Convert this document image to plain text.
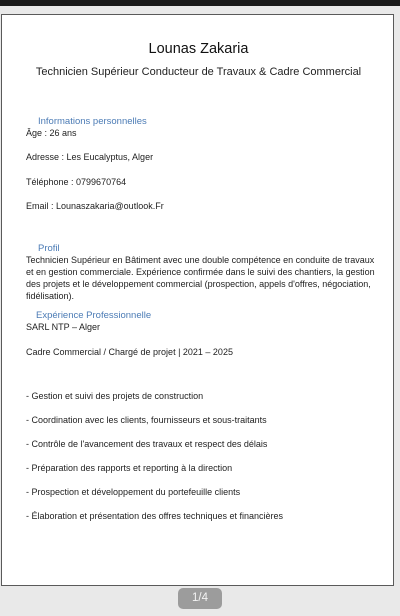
Lounas Zakaria
Technicien Supérieur Conducteur de Travaux & Cadre Commercial
Informations personnelles
Âge : 26 ans
Adresse : Les Eucalyptus, Alger
Téléphone : 0799670764
Email : Lounaszakaria@outlook.Fr
Profil
Technicien Supérieur en Bâtiment avec une double compétence en conduite de travaux et en gestion commerciale. Expérience confirmée dans le suivi des chantiers, la gestion des projets et le développement commercial (prospection, appels d'offres, négociation, fidélisation).
Expérience Professionnelle
SARL NTP – Alger
Cadre Commercial / Chargé de projet | 2021 – 2025
- Gestion et suivi des projets de construction
- Coordination avec les clients, fournisseurs et sous-traitants
- Contrôle de l'avancement des travaux et respect des délais
- Préparation des rapports et reporting à la direction
- Prospection et développement du portefeuille clients
- Élaboration et présentation des offres techniques et financières
1/4
